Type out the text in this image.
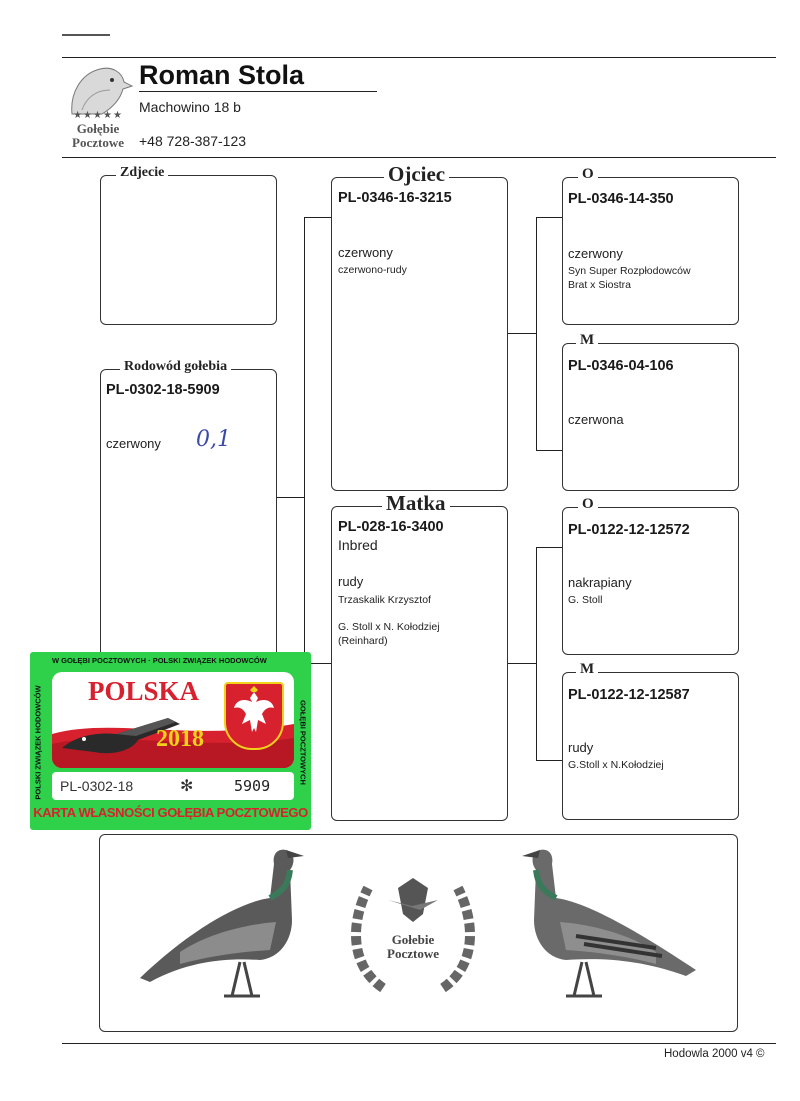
★★★★★
Gołębie
Pocztowe
Roman Stola
Machowino 18 b
+48 728-387-123
Zdjecie
Rodowód gołebia
PL-0302-18-5909
czerwony 0,1
Ojciec
PL-0346-16-3215
czerwony
czerwono-rudy
Matka
PL-028-16-3400
Inbred
rudy
Trzaskalik Krzysztof
G. Stoll x N. Kołodziej
(Reinhard)
O
PL-0346-14-350
czerwony
Syn Super Rozpłodowców
Brat x Siostra
M
PL-0346-04-106
czerwona
O
PL-0122-12-12572
nakrapiany
G. Stoll
M
PL-0122-12-12587
rudy
G.Stoll x N.Kołodziej
W GOŁĘBI POCZTOWYCH · POLSKI ZWIĄZEK HODOWCÓW
POLSKI ZWIĄZEK HODOWCÓW	GOŁĘBI POCZTOWYCH
POLSKA
2018
PL-0302-18	✻	5909
KARTA WŁASNOŚCI GOŁĘBIA POCZTOWEGO
Gołebie
Pocztowe
Hodowla 2000 v4 ©
